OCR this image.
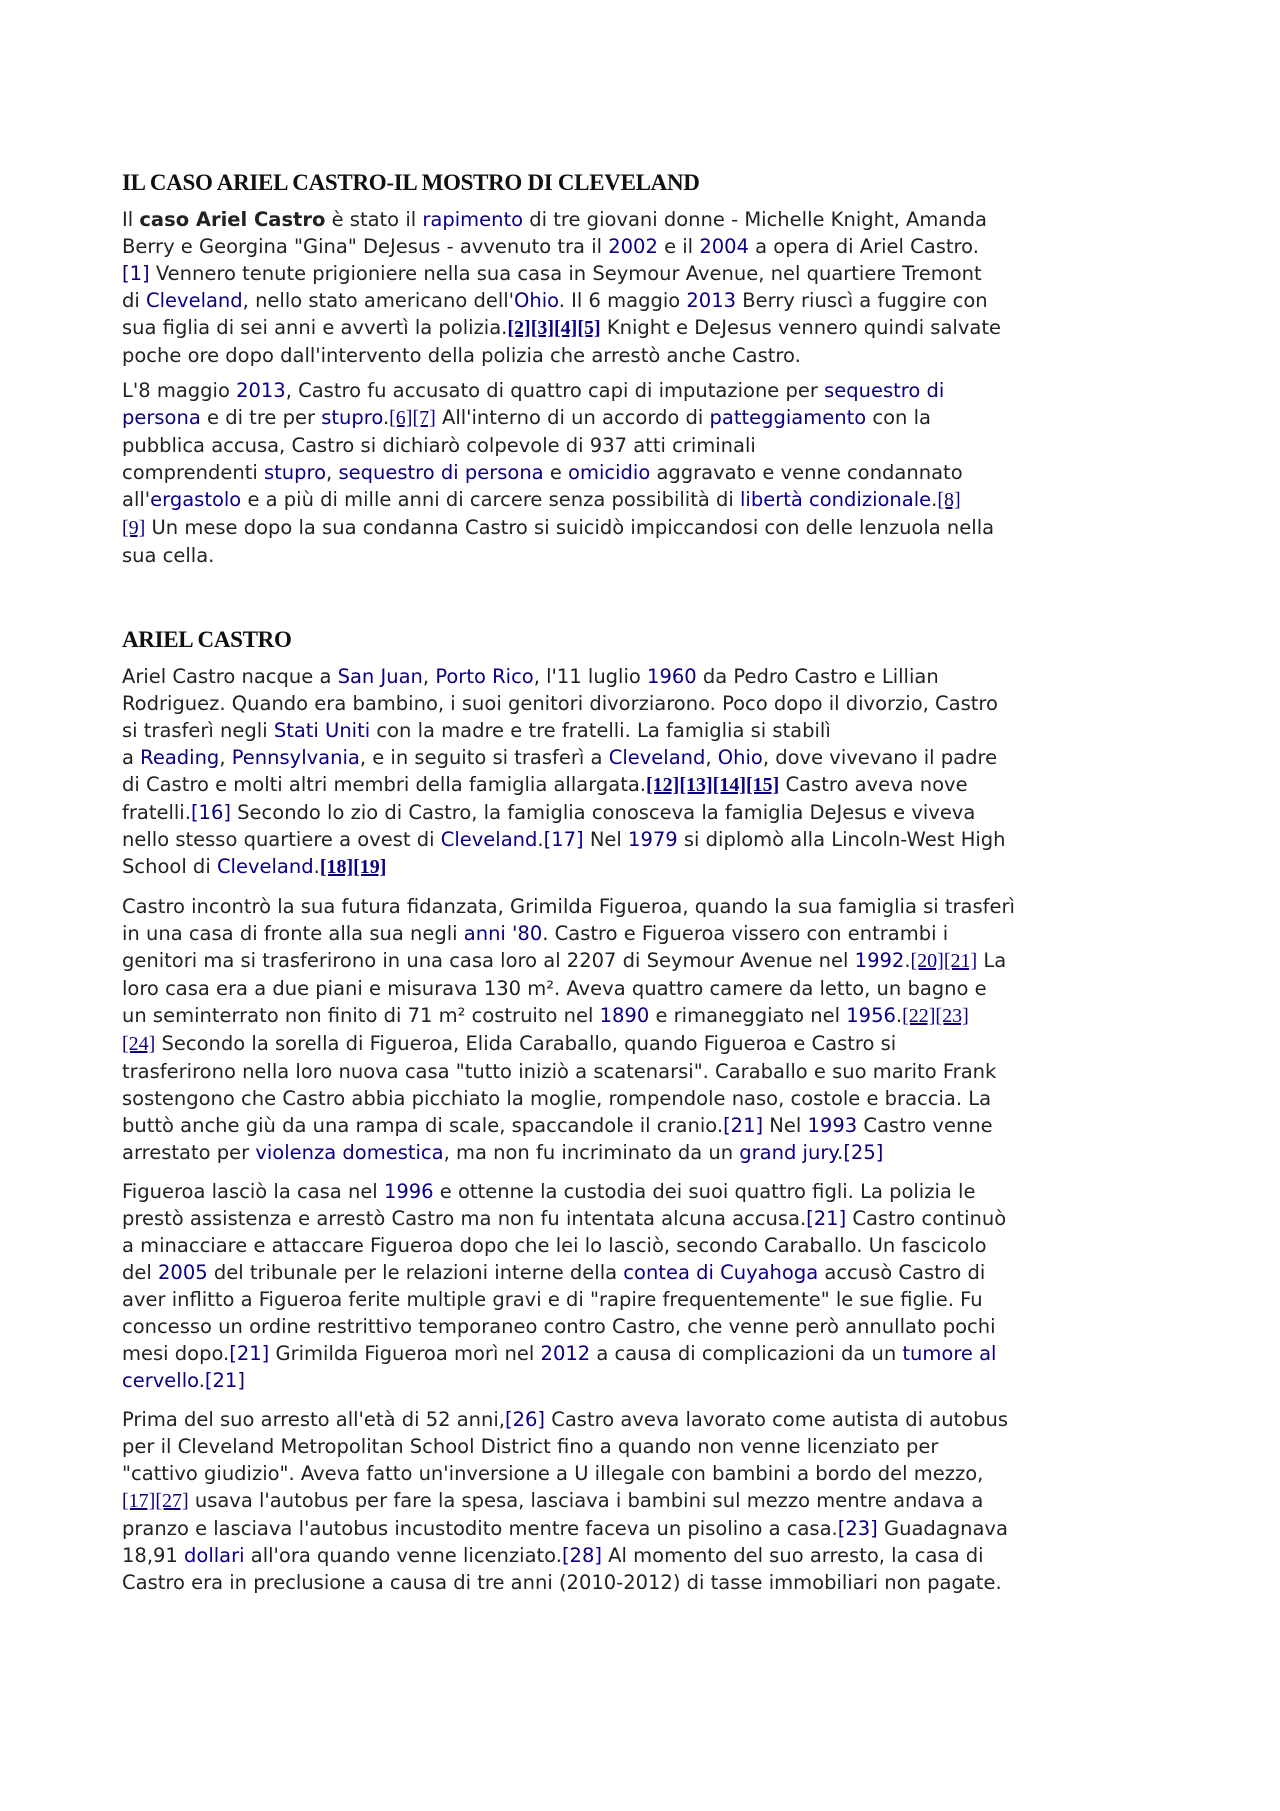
IL CASO ARIEL CASTRO-IL MOSTRO DI CLEVELAND
Il caso Ariel Castro è stato il rapimento di tre giovani donne - Michelle Knight, Amanda
Berry e Georgina "Gina" DeJesus - avvenuto tra il 2002 e il 2004 a opera di Ariel Castro.
[1] Vennero tenute prigioniere nella sua casa in Seymour Avenue, nel quartiere Tremont
di Cleveland, nello stato americano dell'Ohio. Il 6 maggio 2013 Berry riuscì a fuggire con
sua figlia di sei anni e avvertì la polizia.[2][3][4][5] Knight e DeJesus vennero quindi salvate
poche ore dopo dall'intervento della polizia che arrestò anche Castro.
L'8 maggio 2013, Castro fu accusato di quattro capi di imputazione per sequestro di
persona e di tre per stupro.[6][7] All'interno di un accordo di patteggiamento con la
pubblica accusa, Castro si dichiarò colpevole di 937 atti criminali
comprendenti stupro, sequestro di persona e omicidio aggravato e venne condannato
all'ergastolo e a più di mille anni di carcere senza possibilità di libertà condizionale.[8]
[9] Un mese dopo la sua condanna Castro si suicidò impiccandosi con delle lenzuola nella
sua cella.
ARIEL CASTRO
Ariel Castro nacque a San Juan, Porto Rico, l'11 luglio 1960 da Pedro Castro e Lillian
Rodriguez. Quando era bambino, i suoi genitori divorziarono. Poco dopo il divorzio, Castro
si trasferì negli Stati Uniti con la madre e tre fratelli. La famiglia si stabilì
a Reading, Pennsylvania, e in seguito si trasferì a Cleveland, Ohio, dove vivevano il padre
di Castro e molti altri membri della famiglia allargata.[12][13][14][15] Castro aveva nove
fratelli.[16] Secondo lo zio di Castro, la famiglia conosceva la famiglia DeJesus e viveva
nello stesso quartiere a ovest di Cleveland.[17] Nel 1979 si diplomò alla Lincoln-West High
School di Cleveland.[18][19]
Castro incontrò la sua futura fidanzata, Grimilda Figueroa, quando la sua famiglia si trasferì
in una casa di fronte alla sua negli anni '80. Castro e Figueroa vissero con entrambi i
genitori ma si trasferirono in una casa loro al 2207 di Seymour Avenue nel 1992.[20][21] La
loro casa era a due piani e misurava 130 m². Aveva quattro camere da letto, un bagno e
un seminterrato non finito di 71 m² costruito nel 1890 e rimaneggiato nel 1956.[22][23]
[24] Secondo la sorella di Figueroa, Elida Caraballo, quando Figueroa e Castro si
trasferirono nella loro nuova casa "tutto iniziò a scatenarsi". Caraballo e suo marito Frank
sostengono che Castro abbia picchiato la moglie, rompendole naso, costole e braccia. La
buttò anche giù da una rampa di scale, spaccandole il cranio.[21] Nel 1993 Castro venne
arrestato per violenza domestica, ma non fu incriminato da un grand jury.[25]
Figueroa lasciò la casa nel 1996 e ottenne la custodia dei suoi quattro figli. La polizia le
prestò assistenza e arrestò Castro ma non fu intentata alcuna accusa.[21] Castro continuò
a minacciare e attaccare Figueroa dopo che lei lo lasciò, secondo Caraballo. Un fascicolo
del 2005 del tribunale per le relazioni interne della contea di Cuyahoga accusò Castro di
aver inflitto a Figueroa ferite multiple gravi e di "rapire frequentemente" le sue figlie. Fu
concesso un ordine restrittivo temporaneo contro Castro, che venne però annullato pochi
mesi dopo.[21] Grimilda Figueroa morì nel 2012 a causa di complicazioni da un tumore al
cervello.[21]
Prima del suo arresto all'età di 52 anni,[26] Castro aveva lavorato come autista di autobus
per il Cleveland Metropolitan School District fino a quando non venne licenziato per
"cattivo giudizio". Aveva fatto un'inversione a U illegale con bambini a bordo del mezzo,
[17][27] usava l'autobus per fare la spesa, lasciava i bambini sul mezzo mentre andava a
pranzo e lasciava l'autobus incustodito mentre faceva un pisolino a casa.[23] Guadagnava
18,91 dollari all'ora quando venne licenziato.[28] Al momento del suo arresto, la casa di
Castro era in preclusione a causa di tre anni (2010-2012) di tasse immobiliari non pagate.
